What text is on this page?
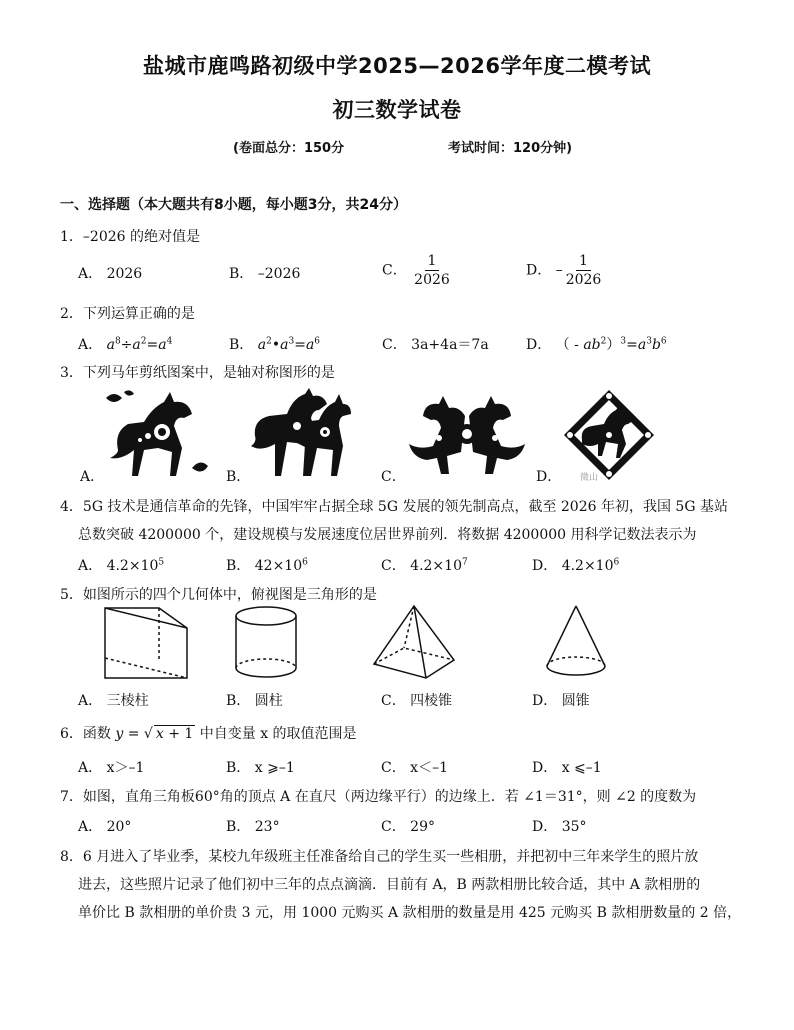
盐城市鹿鸣路初级中学2025—2026学年度二模考试
初三数学试卷
(卷面总分：150分	考试时间：120分钟)
一、选择题（本大题共有8小题，每小题3分，共24分）
1．–2026 的绝对值是
A． 2026	B． –2026	C． $\frac{1}{2026}$	D． – $\frac{1}{2026}$
2．下列运算正确的是
A． $a^8\div a^2=a^4$	B． $a^2•a^3=a^6$	C． 3a+4a＝7a	D． （ - $ab^2)^3=a^3b^6$
3．下列马年剪纸图案中，是轴对称图形的是
A．	B．	C．	D． 微山
4．5G 技术是通信革命的先锋，中国牢牢占据全球 5G 发展的领先制高点，截至 2026 年初，我国 5G 基站
总数突破 4200000 个，建设规模与发展速度位居世界前列．将数据 4200000 用科学记数法表示为
A． $4.2\times 10^5$	B． $42\times 10^6$	C． $4.2\times 10^7$	D． $4.2\times 10^6$
5．如图所示的四个几何体中，俯视图是三角形的是
A． 三棱柱	B． 圆柱	C． 四棱锥	D． 圆锥
6．函数 y = √ x + 1 中自变量 x 的取值范围是
A． x＞–1	B． x ⩾–1	C． x＜–1	D． x ⩽–1
7．如图，直角三角板60°角的顶点 A 在直尺（两边缘平行）的边缘上．若 ∠1＝31°，则 ∠2 的度数为
A． 20°	B． 23°	C． 29°	D． 35°
8．6 月进入了毕业季，某校九年级班主任准备给自己的学生买一些相册，并把初中三年来学生的照片放
进去，这些照片记录了他们初中三年的点点滴滴．目前有 A，B 两款相册比较合适，其中 A 款相册的
单价比 B 款相册的单价贵 3 元，用 1000 元购买 A 款相册的数量是用 425 元购买 B 款相册数量的 2 倍，
